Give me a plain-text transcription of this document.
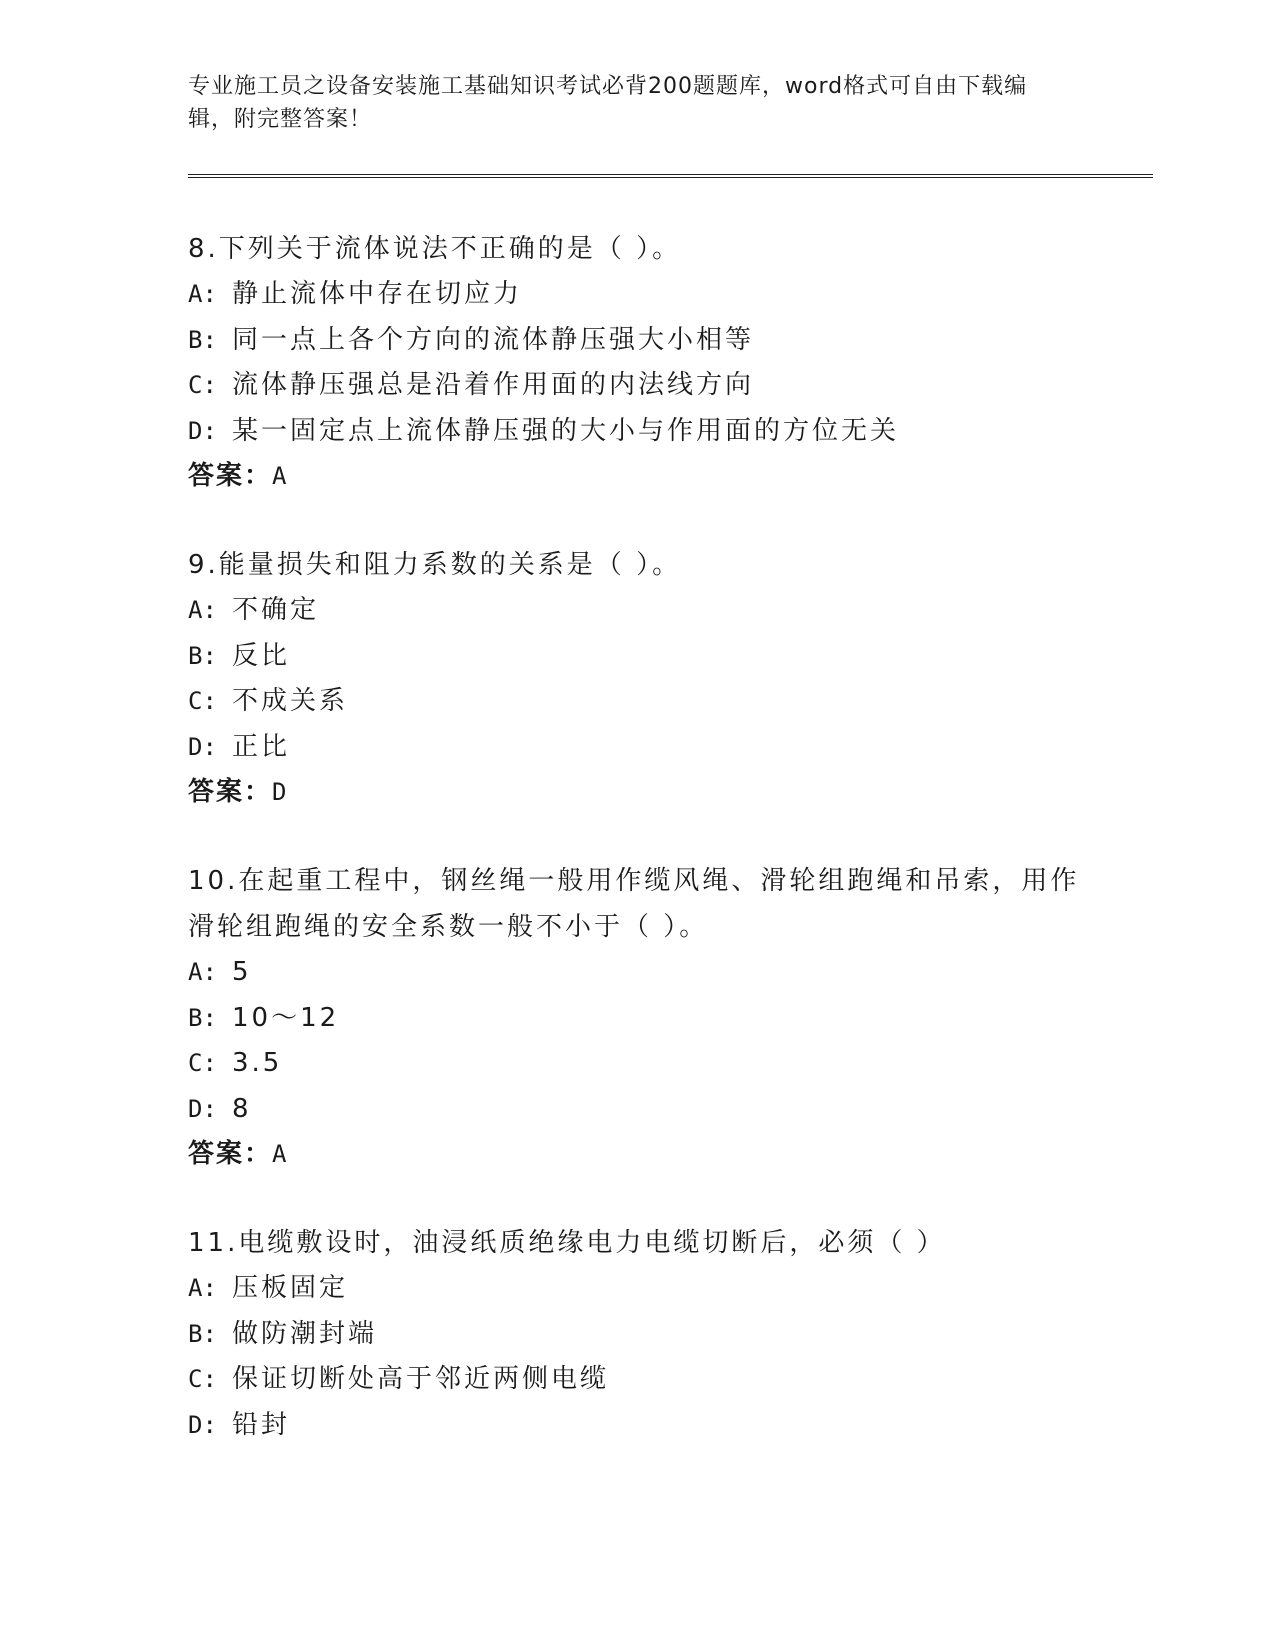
专业施工员之设备安装施工基础知识考试必背200题题库，word格式可自由下载编辑，附完整答案！
8.下列关于流体说法不正确的是（ ）。
A: 静止流体中存在切应力
B: 同一点上各个方向的流体静压强大小相等
C: 流体静压强总是沿着作用面的内法线方向
D: 某一固定点上流体静压强的大小与作用面的方位无关
答案：A
9.能量损失和阻力系数的关系是（ ）。
A: 不确定
B: 反比
C: 不成关系
D: 正比
答案：D
10.在起重工程中，钢丝绳一般用作缆风绳、滑轮组跑绳和吊索，用作滑轮组跑绳的安全系数一般不小于（ ）。
A: 5
B: 10～12
C: 3.5
D: 8
答案：A
11.电缆敷设时，油浸纸质绝缘电力电缆切断后，必须（ ）
A: 压板固定
B: 做防潮封端
C: 保证切断处高于邻近两侧电缆
D: 铅封
